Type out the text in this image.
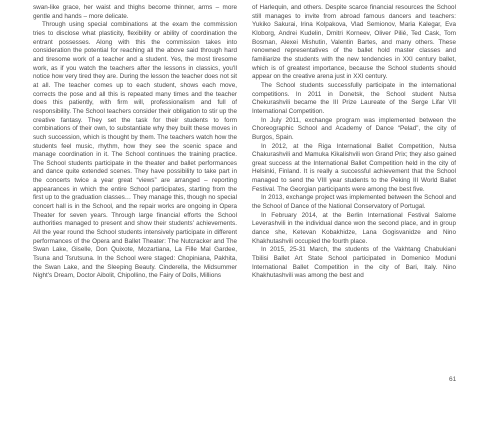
swan-like grace, her waist and thighs become thinner, arms – more gentle and hands – more delicate.

Through using special combinations at the exam the commission tries to disclose what plasticity, flexibility or ability of coordination the entrant possesses. Along with this the commission takes into consideration the potential for reaching all the above said through hard and tiresome work of a teacher and a student. Yes, the most tiresome work, as if you watch the teachers after the lessons in classics, you'll notice how very tired they are. During the lesson the teacher does not sit at all. The teacher comes up to each student, shows each move, corrects the pose and all this is repeated many times and the teacher does this patiently, with firm will, professionalism and full of responsibility. The School teachers consider their obligation to stir up the creative fantasy. They set the task for their students to form combinations of their own, to substantiate why they built these moves in such succession, which is thought by them. The teachers watch how the students feel music, rhythm, how they see the scenic space and manage coordination in it. The School continues the training practice. The School students participate in the theater and ballet performances and dance quite extended scenes. They have possibility to take part in the concerts twice a year great “views” are arranged – reporting appearances in which the entire School participates, starting from the first up to the graduation classes… They manage this, though no special concert hall is in the School, and the repair works are ongoing in Opera Theater for seven years. Through large financial efforts the School authorities managed to present and show their students' achievements. All the year round the School students intensively participate in different performances of the Opera and Ballet Theater: The Nutcracker and The Swan Lake, Giselle, Don Quixote, Mozartiana, La Fille Mal Gardee, Tsuna and Tsrutsuna. In the School were staged: Chopiniana, Pakhita, the Swan Lake, and the Sleeping Beauty. Cinderella, the Midsummer Night's Dream, Doctor Aibolit, Chipollino, the Fairy of Dolls, Millions

of Harlequin, and others. Despite scarce financial resources the School still manages to invite from abroad famous dancers and teachers: Yukiko Sakurai, Irina Kolpakova, Vlad Semionov, Maria Kalegar, Eva Kloborg, Andrei Kudelin, Dmitri Korneev, Oliver Pilié, Ted Cask, Tom Bosman, Alexei Mishutin, Valentin Bartes, and many others. These renowned representatives of the ballet hold master classes and familiarize the students with the new tendencies in XXI century ballet, which is of greatest importance, because the School students should appear on the creative arena just in XXI century.

The School students successfully participate in the international competitions. In 2011 in Donetsk, the School student Nutsa Chekurashvili became the III Prize Laureate of the Serge Lifar VII International Competition.

In July 2011, exchange program was implemented between the Choreographic School and Academy of Dance “Pelad”, the city of Burgos, Spain.

In 2012, at the Riga International Ballet Competition, Nutsa Chakurashvili and Mamuka Kikalishvili won Grand Prix; they also gained great success at the International Ballet Competition held in the city of Helsinki, Finland. It is really a successful achievement that the School managed to send the VIII year students to the Peking III World Ballet Festival. The Georgian participants were among the best five.

In 2013, exchange project was implemented between the School and the School of Dance of the National Conservatory of Portugal.

In February 2014, at the Berlin International Festival Salome Leverashvili in the individual dance won the second place, and in group dance she, Ketevan Kobakhidze, Lana Gogisvanidze and Nino Khakhutashvili occupied the fourth place.

In 2015, 25-31 March, the students of the Vakhtang Chabukiani Tbilisi Ballet Art State School participated in Domenico Moduni International Ballet Competition in the city of Bari, Italy. Nino Khakhutashvili was among the best and

61
